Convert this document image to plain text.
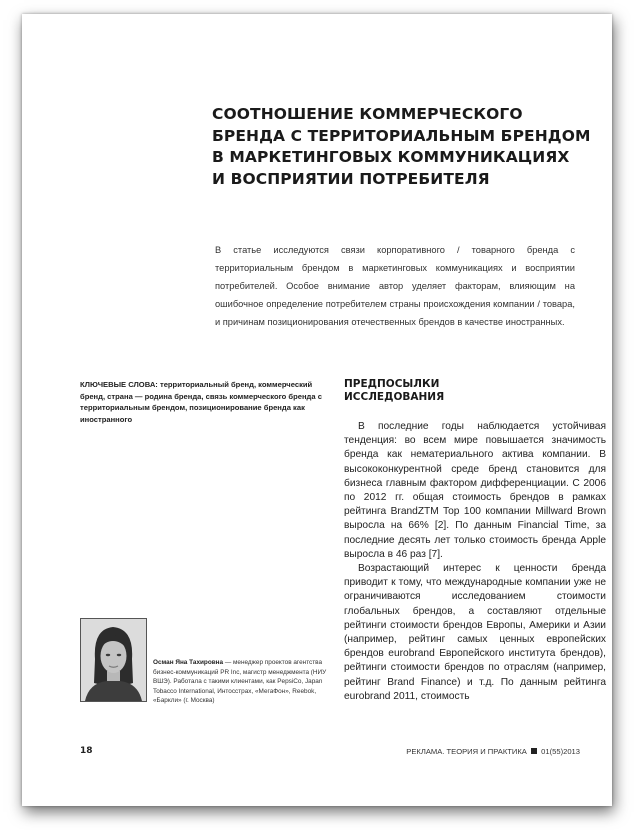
СООТНОШЕНИЕ КОММЕРЧЕСКОГО
БРЕНДА С ТЕРРИТОРИАЛЬНЫМ БРЕНДОМ
В МАРКЕТИНГОВЫХ КОММУНИКАЦИЯХ
И ВОСПРИЯТИИ ПОТРЕБИТЕЛЯ

В статье исследуются связи корпоративного / товарного бренда с территориальным брендом в маркетинговых коммуникациях и восприятии потребителей. Особое внимание автор уделяет факторам, влияющим на ошибочное определение потребителем страны происхождения компании / товара, и причинам позиционирования отечественных брендов в качестве иностранных.

КЛЮЧЕВЫЕ СЛОВА: территориальный бренд, коммерческий бренд, страна — родина бренда, связь коммерческого бренда с территориальным брендом, позиционирование бренда как иностранного

ПРЕДПОСЫЛКИ
ИССЛЕДОВАНИЯ

В последние годы наблюдается устойчивая тенденция: во всем мире повышается значимость бренда как нематериального актива компании. В высококонкурентной среде бренд становится для бизнеса главным фактором дифференциации. С 2006 по 2012 гг. общая стоимость брендов в рамках рейтинга BrandZTM Top 100 компании Millward Brown выросла на 66% [2]. По данным Financial Time, за последние десять лет только стоимость бренда Apple выросла в 46 раз [7].

Возрастающий интерес к ценности бренда приводит к тому, что международные компании уже не ограничиваются исследованием стоимости глобальных брендов, а составляют отдельные рейтинги стоимости брендов Европы, Америки и Азии (например, рейтинг самых ценных европейских брендов eurobrand Европейского института брендов), рейтинги стоимости брендов по отраслям (например, рейтинг Brand Finance) и т.д. По данным рейтинга eurobrand 2011, стоимость

Осман Яна Тахировна — менеджер проектов агентства бизнес-коммуникаций PR Inc, магистр менеджмента (НИУ ВШЭ). Работала с такими клиентами, как PepsiCo, Japan Tobacco International, Интосстрах, «МегаФон», Reebok, «Баркли» (г. Москва)

18	РЕКЛАМА. ТЕОРИЯ И ПРАКТИКА 01(55)2013
